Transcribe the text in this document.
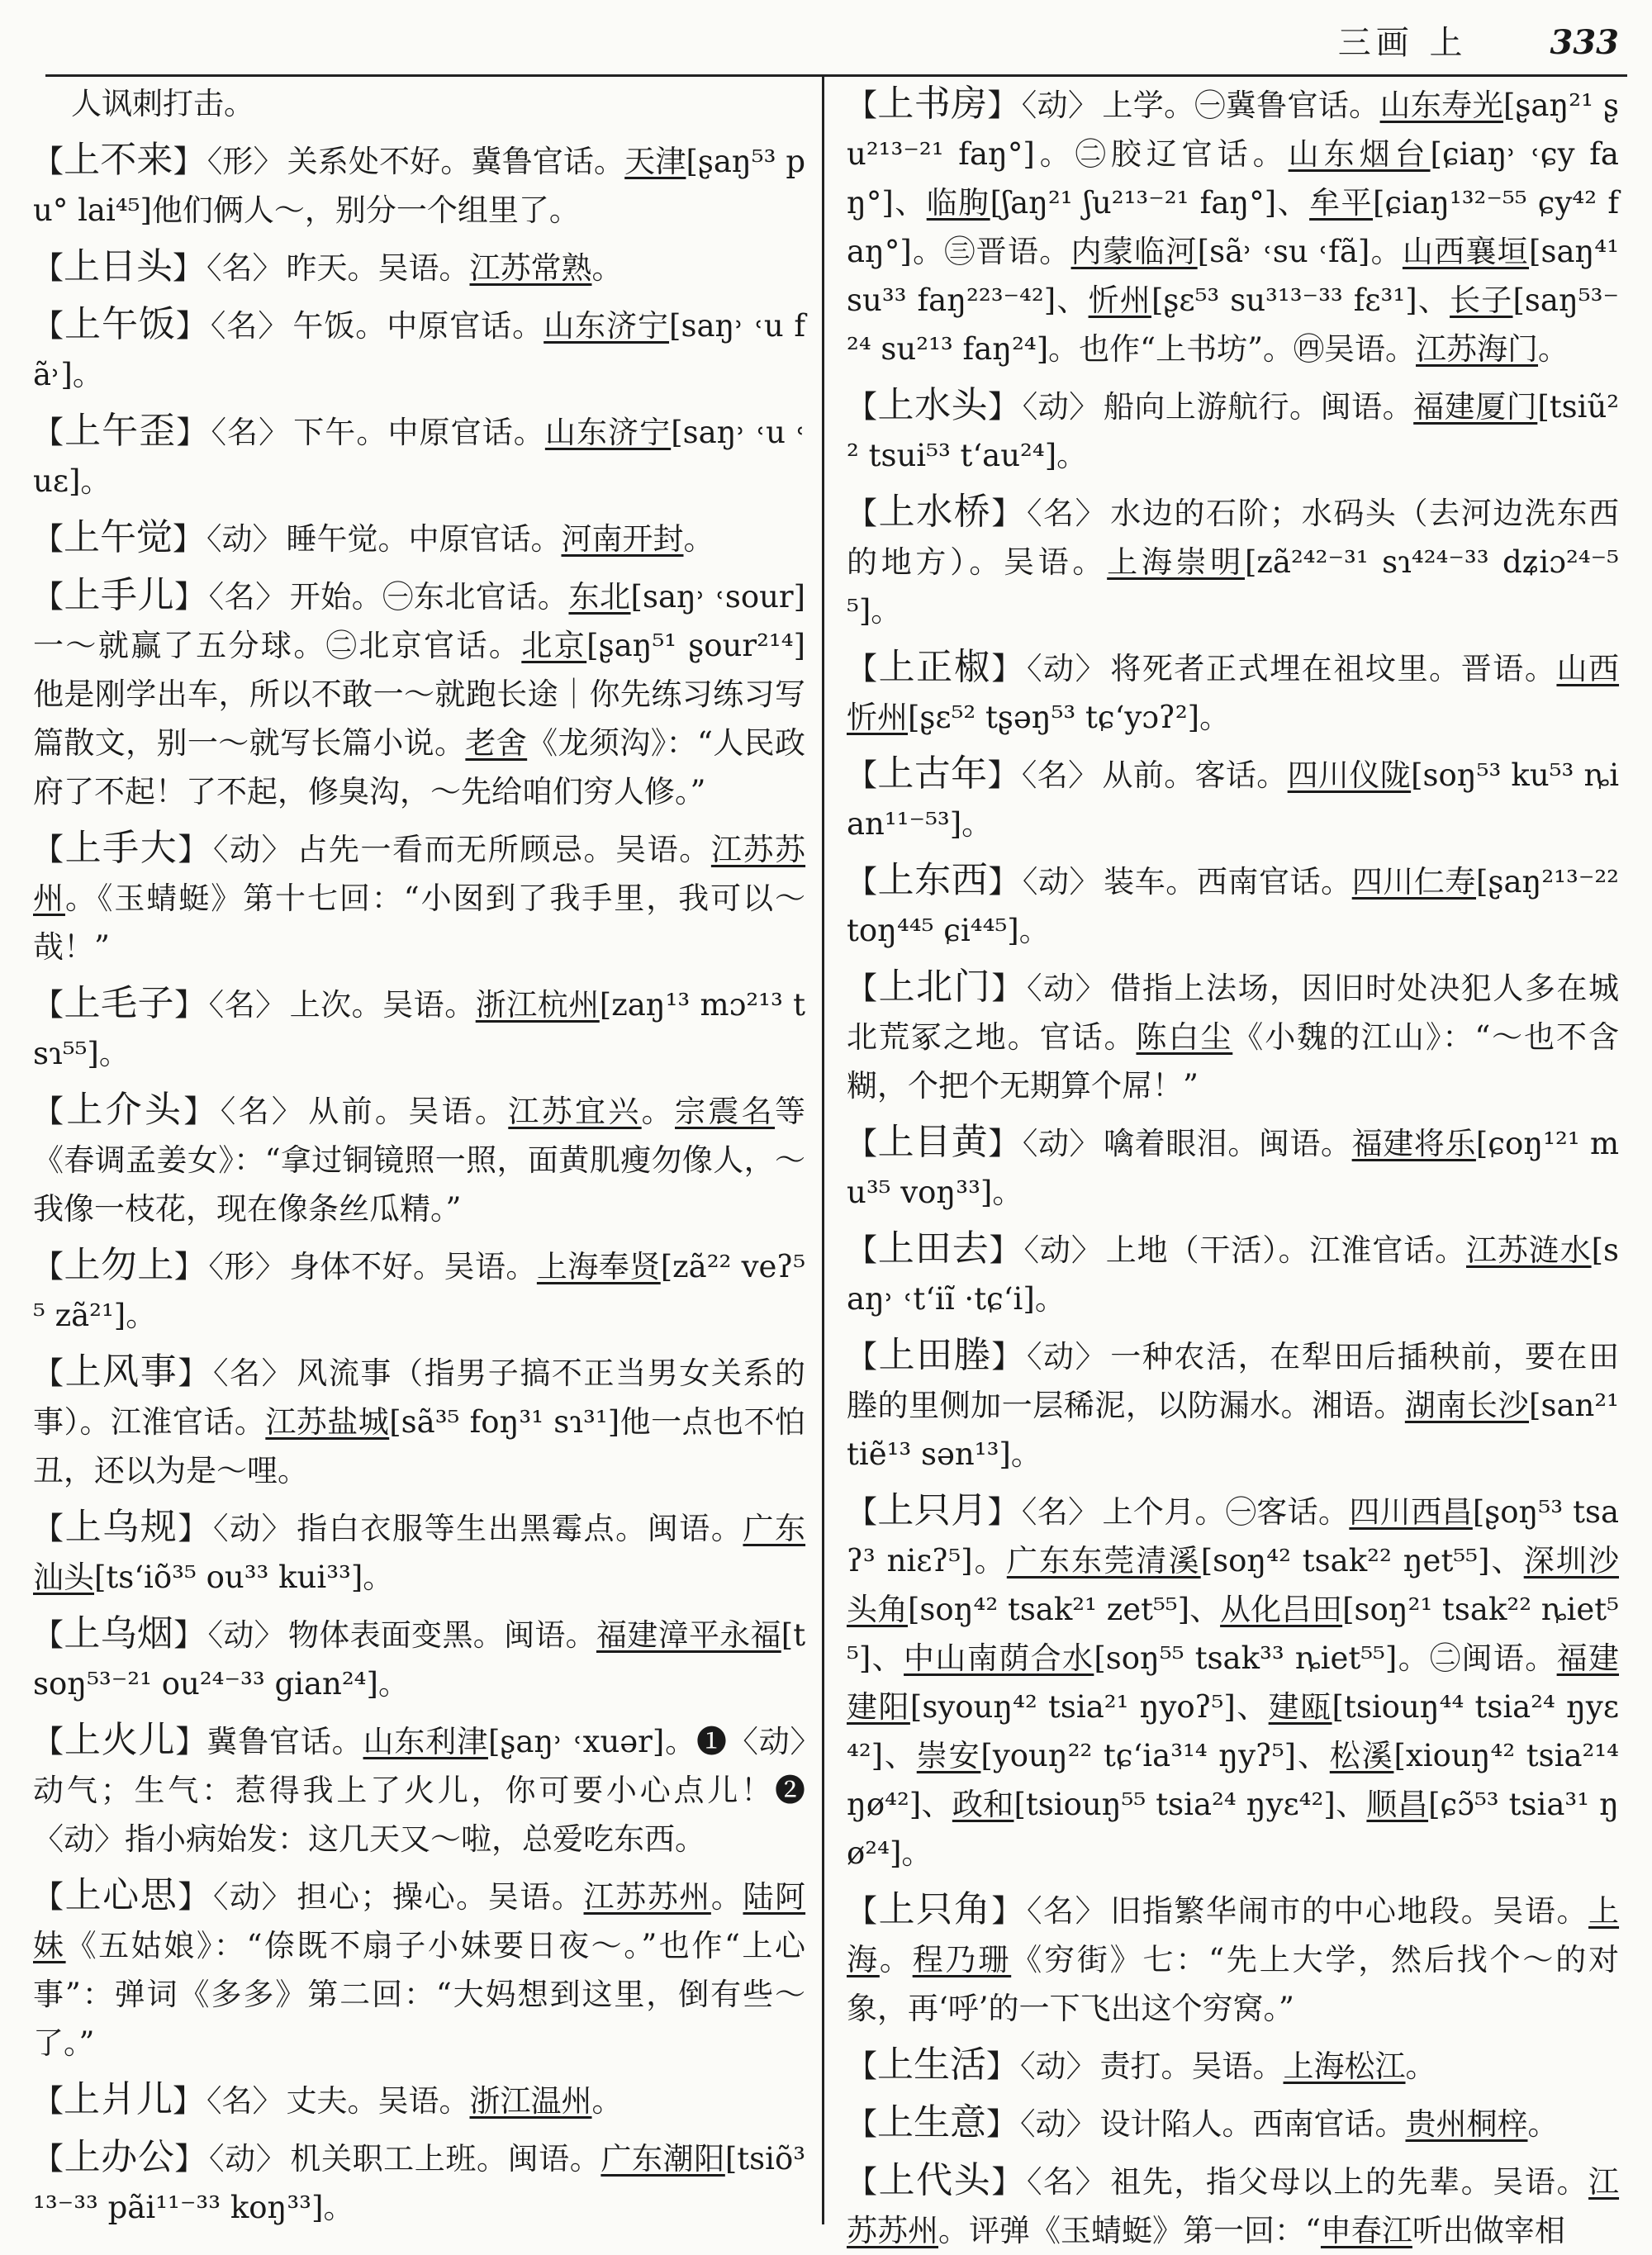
三画 上	333
人讽刺打击。
【上不来】 〈形〉 关系处不好。冀鲁官话。天津[ʂaŋ⁵³ pu° lai⁴⁵]他们俩人～，别分一个组里了。
【上日头】 〈名〉 昨天。吴语。江苏常熟。
【上午饭】 〈名〉 午饭。中原官话。山东济宁[saŋ˒ ˓u fã˒]。
【上午歪】 〈名〉 下午。中原官话。山东济宁[saŋ˒ ˓u ˓uɛ]。
【上午觉】 〈动〉 睡午觉。中原官话。河南开封。
【上手儿】 〈名〉 开始。㊀东北官话。东北[saŋ˒ ˓sour] 一～就赢了五分球。㊁北京官话。北京[ʂaŋ⁵¹ ʂour²¹⁴] 他是刚学出车，所以不敢一～就跑长途｜你先练习练习写篇散文，别一～就写长篇小说。老舍《龙须沟》：“人民政府了不起！了不起，修臭沟，～先给咱们穷人修。”
【上手大】 〈动〉 占先一看而无所顾忌。吴语。江苏苏州。《玉蜻蜓》第十七回：“小囡到了我手里，我可以～哉！”
【上毛子】 〈名〉 上次。吴语。浙江杭州[zaŋ¹³ mɔ²¹³ tsɿ⁵⁵]。
【上介头】 〈名〉 从前。吴语。江苏宜兴。宗震名等《春调孟姜女》：“拿过铜镜照一照，面黄肌瘦勿像人，～我像一枝花，现在像条丝瓜精。”
【上勿上】 〈形〉 身体不好。吴语。上海奉贤[zã²² veʔ⁵⁵ zã²¹]。
【上风事】 〈名〉 风流事（指男子搞不正当男女关系的事）。江淮官话。江苏盐城[sã³⁵ foŋ³¹ sɿ³¹]他一点也不怕丑，还以为是～哩。
【上乌规】 〈动〉 指白衣服等生出黑霉点。闽语。广东汕头[tsʻiõ³⁵ ou³³ kui³³]。
【上乌烟】 〈动〉 物体表面变黑。闽语。福建漳平永福[tsoŋ⁵³⁻²¹ ou²⁴⁻³³ gian²⁴]。
【上火儿】冀鲁官话。山东利津[ʂaŋ˒ ˓xuər]。❶〈动〉动气；生气：惹得我上了火儿，你可要小心点儿！❷〈动〉指小病始发：这几天又～啦，总爱吃东西。
【上心思】 〈动〉 担心；操心。吴语。江苏苏州。陆阿妹《五姑娘》：“倷既不扇子小妹要日夜～。”也作“上心事”：弹词《多多》第二回：“大妈想到这里，倒有些～了。”
【上爿儿】 〈名〉 丈夫。吴语。浙江温州。
【上办公】 〈动〉 机关职工上班。闽语。广东潮阳[tsiõ³¹³⁻³³ pãi¹¹⁻³³ koŋ³³]。
【上书房】 〈动〉 上学。㊀冀鲁官话。山东寿光[ʂaŋ²¹ ʂu²¹³⁻²¹ faŋ°]。㊁胶辽官话。山东烟台[ɕiaŋ˒ ˓ɕy faŋ°]、临朐[ʃaŋ²¹ ʃu²¹³⁻²¹ faŋ°]、牟平[ɕiaŋ¹³²⁻⁵⁵ ɕy⁴² faŋ°]。㊂晋语。内蒙临河[sã˒ ˓su ˓fã]。山西襄垣[saŋ⁴¹ su³³ faŋ²²³⁻⁴²]、忻州[ʂɛ⁵³ su³¹³⁻³³ fɛ³¹]、长子[saŋ⁵³⁻²⁴ su²¹³ faŋ²⁴]。也作“上书坊”。㊃吴语。江苏海门。
【上水头】 〈动〉 船向上游航行。闽语。福建厦门[tsiũ²² tsui⁵³ tʻau²⁴]。
【上水桥】 〈名〉 水边的石阶；水码头（去河边洗东西的地方）。吴语。上海崇明[zã²⁴²⁻³¹ sɿ⁴²⁴⁻³³ dʑiɔ²⁴⁻⁵⁵]。
【上正椒】 〈动〉 将死者正式埋在祖坟里。晋语。山西忻州[ʂɛ⁵² tʂəŋ⁵³ tɕʻyɔʔ²]。
【上古年】 〈名〉 从前。客话。四川仪陇[soŋ⁵³ ku⁵³ ȵian¹¹⁻⁵³]。
【上东西】 〈动〉 装车。西南官话。四川仁寿[ʂaŋ²¹³⁻²² toŋ⁴⁴⁵ ɕi⁴⁴⁵]。
【上北门】 〈动〉 借指上法场，因旧时处决犯人多在城北荒冢之地。官话。陈白尘《小魏的江山》：“～也不含糊，个把个无期算个屌！”
【上目黄】 〈动〉 噙着眼泪。闽语。福建将乐[ɕoŋ¹²¹ mu³⁵ voŋ³³]。
【上田去】 〈动〉 上地（干活）。江淮官话。江苏涟水[saŋ˒ ˓tʻiĩ ·tɕʻi]。
【上田塍】 〈动〉 一种农活，在犁田后插秧前，要在田塍的里侧加一层稀泥，以防漏水。湘语。湖南长沙[san²¹ tiẽ¹³ sən¹³]。
【上只月】 〈名〉 上个月。㊀客话。四川西昌[ʂoŋ⁵³ tsaʔ³ niɛʔ⁵]。广东东莞清溪[soŋ⁴² tsak²² ŋet⁵⁵]、深圳沙头角[soŋ⁴² tsak²¹ zet⁵⁵]、从化吕田[soŋ²¹ tsak²² ȵiet⁵⁵]、中山南荫合水[soŋ⁵⁵ tsak³³ ȵiet⁵⁵]。㊁闽语。福建建阳[syouŋ⁴² tsia²¹ ŋyoʔ⁵]、建瓯[tsiouŋ⁴⁴ tsia²⁴ ŋyɛ⁴²]、崇安[youŋ²² tɕʻia³¹⁴ ŋyʔ⁵]、松溪[xiouŋ⁴² tsia²¹⁴ ŋø⁴²]、政和[tsiouŋ⁵⁵ tsia²⁴ ŋyɛ⁴²]、顺昌[ɕɔ̃⁵³ tsia³¹ ŋø²⁴]。
【上只角】 〈名〉 旧指繁华闹市的中心地段。吴语。上海。程乃珊《穷街》七：“先上大学，然后找个～的对象，再‘呼’的一下飞出这个穷窝。”
【上生活】 〈动〉 责打。吴语。上海松江。
【上生意】 〈动〉 设计陷人。西南官话。贵州桐梓。
【上代头】 〈名〉 祖先，指父母以上的先辈。吴语。江苏苏州。评弹《玉蜻蜓》第一回：“申春江听出做宰相
